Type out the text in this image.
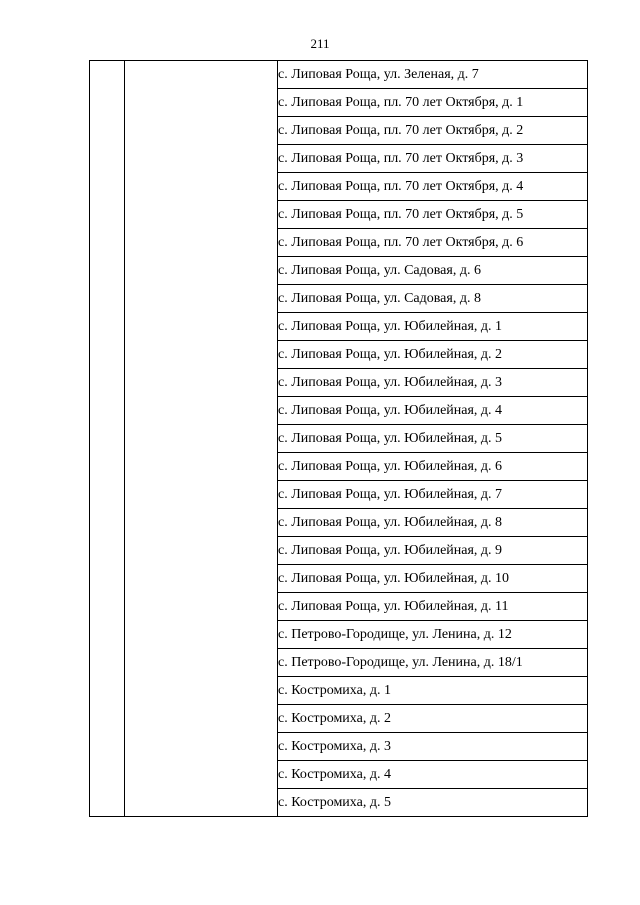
211
		с. Липовая Роща, ул. Зеленая, д. 7
с. Липовая Роща, пл. 70 лет Октября, д. 1
с. Липовая Роща, пл. 70 лет Октября, д. 2
с. Липовая Роща, пл. 70 лет Октября, д. 3
с. Липовая Роща, пл. 70 лет Октября, д. 4
с. Липовая Роща, пл. 70 лет Октября, д. 5
с. Липовая Роща, пл. 70 лет Октября, д. 6
с. Липовая Роща, ул. Садовая, д. 6
с. Липовая Роща, ул. Садовая, д. 8
с. Липовая Роща, ул. Юбилейная, д. 1
с. Липовая Роща, ул. Юбилейная, д. 2
с. Липовая Роща, ул. Юбилейная, д. 3
с. Липовая Роща, ул. Юбилейная, д. 4
с. Липовая Роща, ул. Юбилейная, д. 5
с. Липовая Роща, ул. Юбилейная, д. 6
с. Липовая Роща, ул. Юбилейная, д. 7
с. Липовая Роща, ул. Юбилейная, д. 8
с. Липовая Роща, ул. Юбилейная, д. 9
с. Липовая Роща, ул. Юбилейная, д. 10
с. Липовая Роща, ул. Юбилейная, д. 11
с. Петрово-Городище, ул. Ленина, д. 12
с. Петрово-Городище, ул. Ленина, д. 18/1
с. Костромиха, д. 1
с. Костромиха, д. 2
с. Костромиха, д. 3
с. Костромиха, д. 4
с. Костромиха, д. 5
